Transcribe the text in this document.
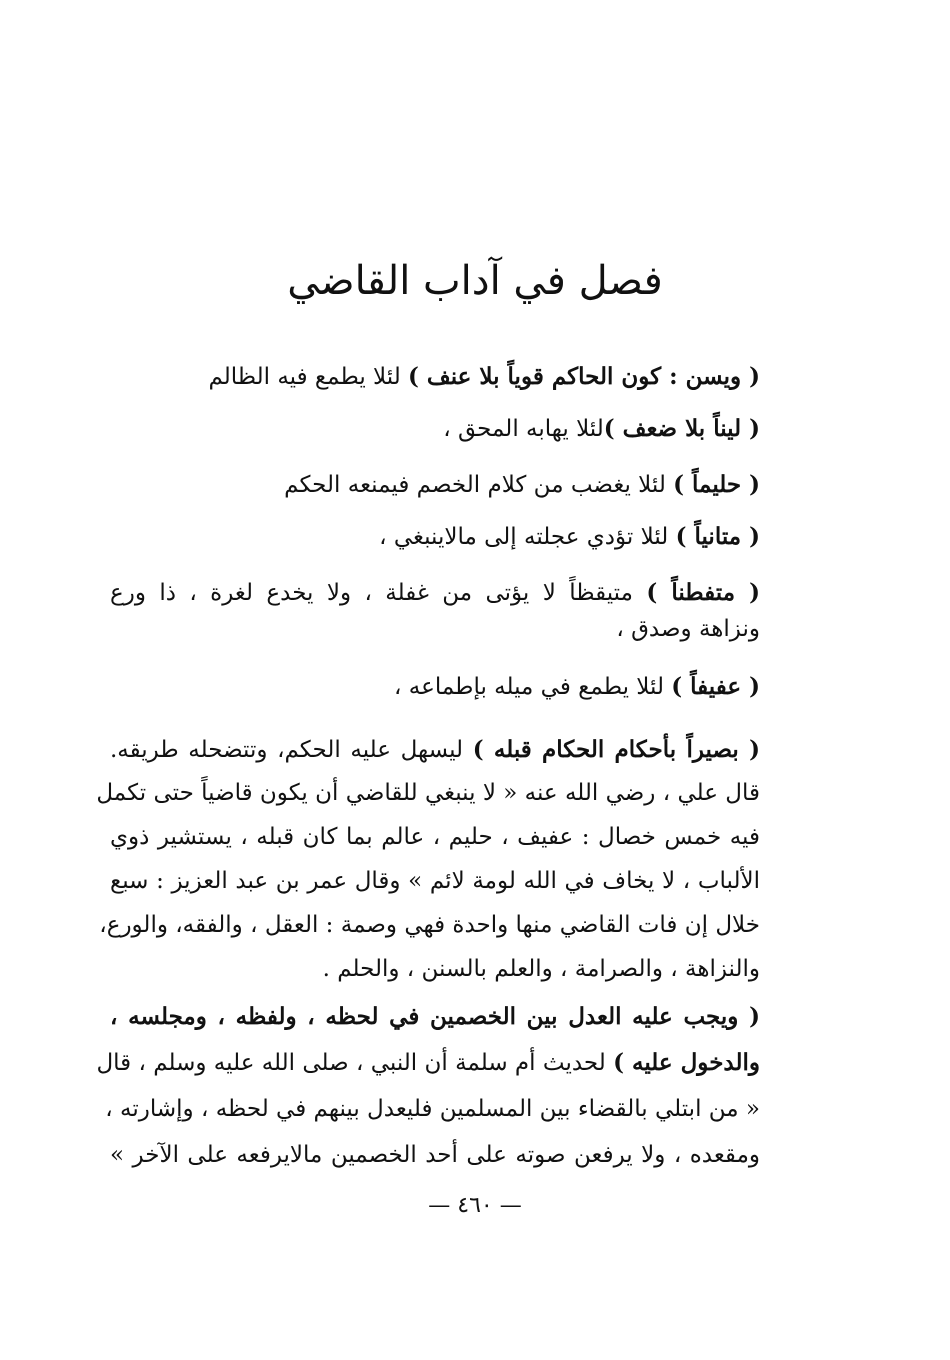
فصل في آداب القاضي
( ويسن : كون الحاكم قوياً بلا عنف ) لئلا يطمع فيه الظالم
( ليناً بلا ضعف )لئلا يهابه المحق ،
( حليماً ) لئلا يغضب من كلام الخصم فيمنعه الحكم
( متانياً ) لئلا تؤدي عجلته إلى مالاينبغي ،
( متفطناً ) متيقظاً لا يؤتى من غفلة ، ولا يخدع لغرة ، ذا ورع
ونزاهة وصدق ،
( عفيفاً ) لئلا يطمع في ميله بإطماعه ،
( بصيراً بأحكام الحكام قبله ) ليسهل عليه الحكم، وتتضحله طريقه.
قال علي ، رضي الله عنه « لا ينبغي للقاضي أن يكون قاضياً حتى تكمل
فيه خمس خصال : عفيف ، حليم ، عالم بما كان قبله ، يستشير ذوي
الألباب ، لا يخاف في الله لومة لائم » وقال عمر بن عبد العزيز : سبع
خلال إن فات القاضي منها واحدة فهي وصمة : العقل ، والفقه، والورع،
والنزاهة ، والصرامة ، والعلم بالسنن ، والحلم .
( ويجب عليه العدل بين الخصمين في لحظه ، ولفظه ، ومجلسه ،
والدخول عليه ) لحديث أم سلمة أن النبي ، صلى الله عليه وسلم ، قال
« من ابتلي بالقضاء بين المسلمين فليعدل بينهم في لحظه ، وإشارته ،
ومقعده ، ولا يرفعن صوته على أحد الخصمين مالايرفعه على الآخر »
— ٤٦٠ —
